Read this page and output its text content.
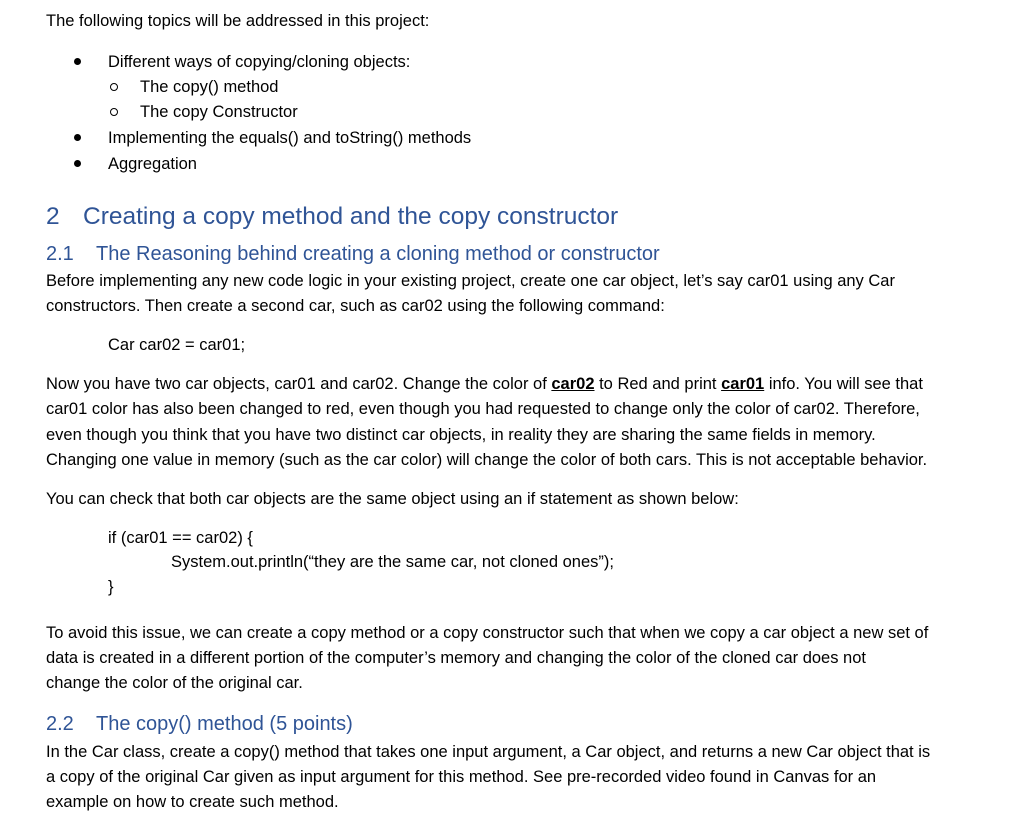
The following topics will be addressed in this project:
Different ways of copying/cloning objects:
The copy() method
The copy Constructor
Implementing the equals() and toString() methods
Aggregation
2 Creating a copy method and the copy constructor
2.1 The Reasoning behind creating a cloning method or constructor
Before implementing any new code logic in your existing project, create one car object, let’s say car01 using any Car
constructors. Then create a second car, such as car02 using the following command:
Car car02 = car01;
Now you have two car objects, car01 and car02. Change the color of car02 to Red and print car01 info. You will see that
car01 color has also been changed to red, even though you had requested to change only the color of car02. Therefore,
even though you think that you have two distinct car objects, in reality they are sharing the same fields in memory.
Changing one value in memory (such as the car color) will change the color of both cars. This is not acceptable behavior.
You can check that both car objects are the same object using an if statement as shown below:
if (car01 == car02) {
System.out.println(“they are the same car, not cloned ones”);
}
To avoid this issue, we can create a copy method or a copy constructor such that when we copy a car object a new set of
data is created in a different portion of the computer’s memory and changing the color of the cloned car does not
change the color of the original car.
2.2 The copy() method (5 points)
In the Car class, create a copy() method that takes one input argument, a Car object, and returns a new Car object that is
a copy of the original Car given as input argument for this method. See pre-recorded video found in Canvas for an
example on how to create such method.
